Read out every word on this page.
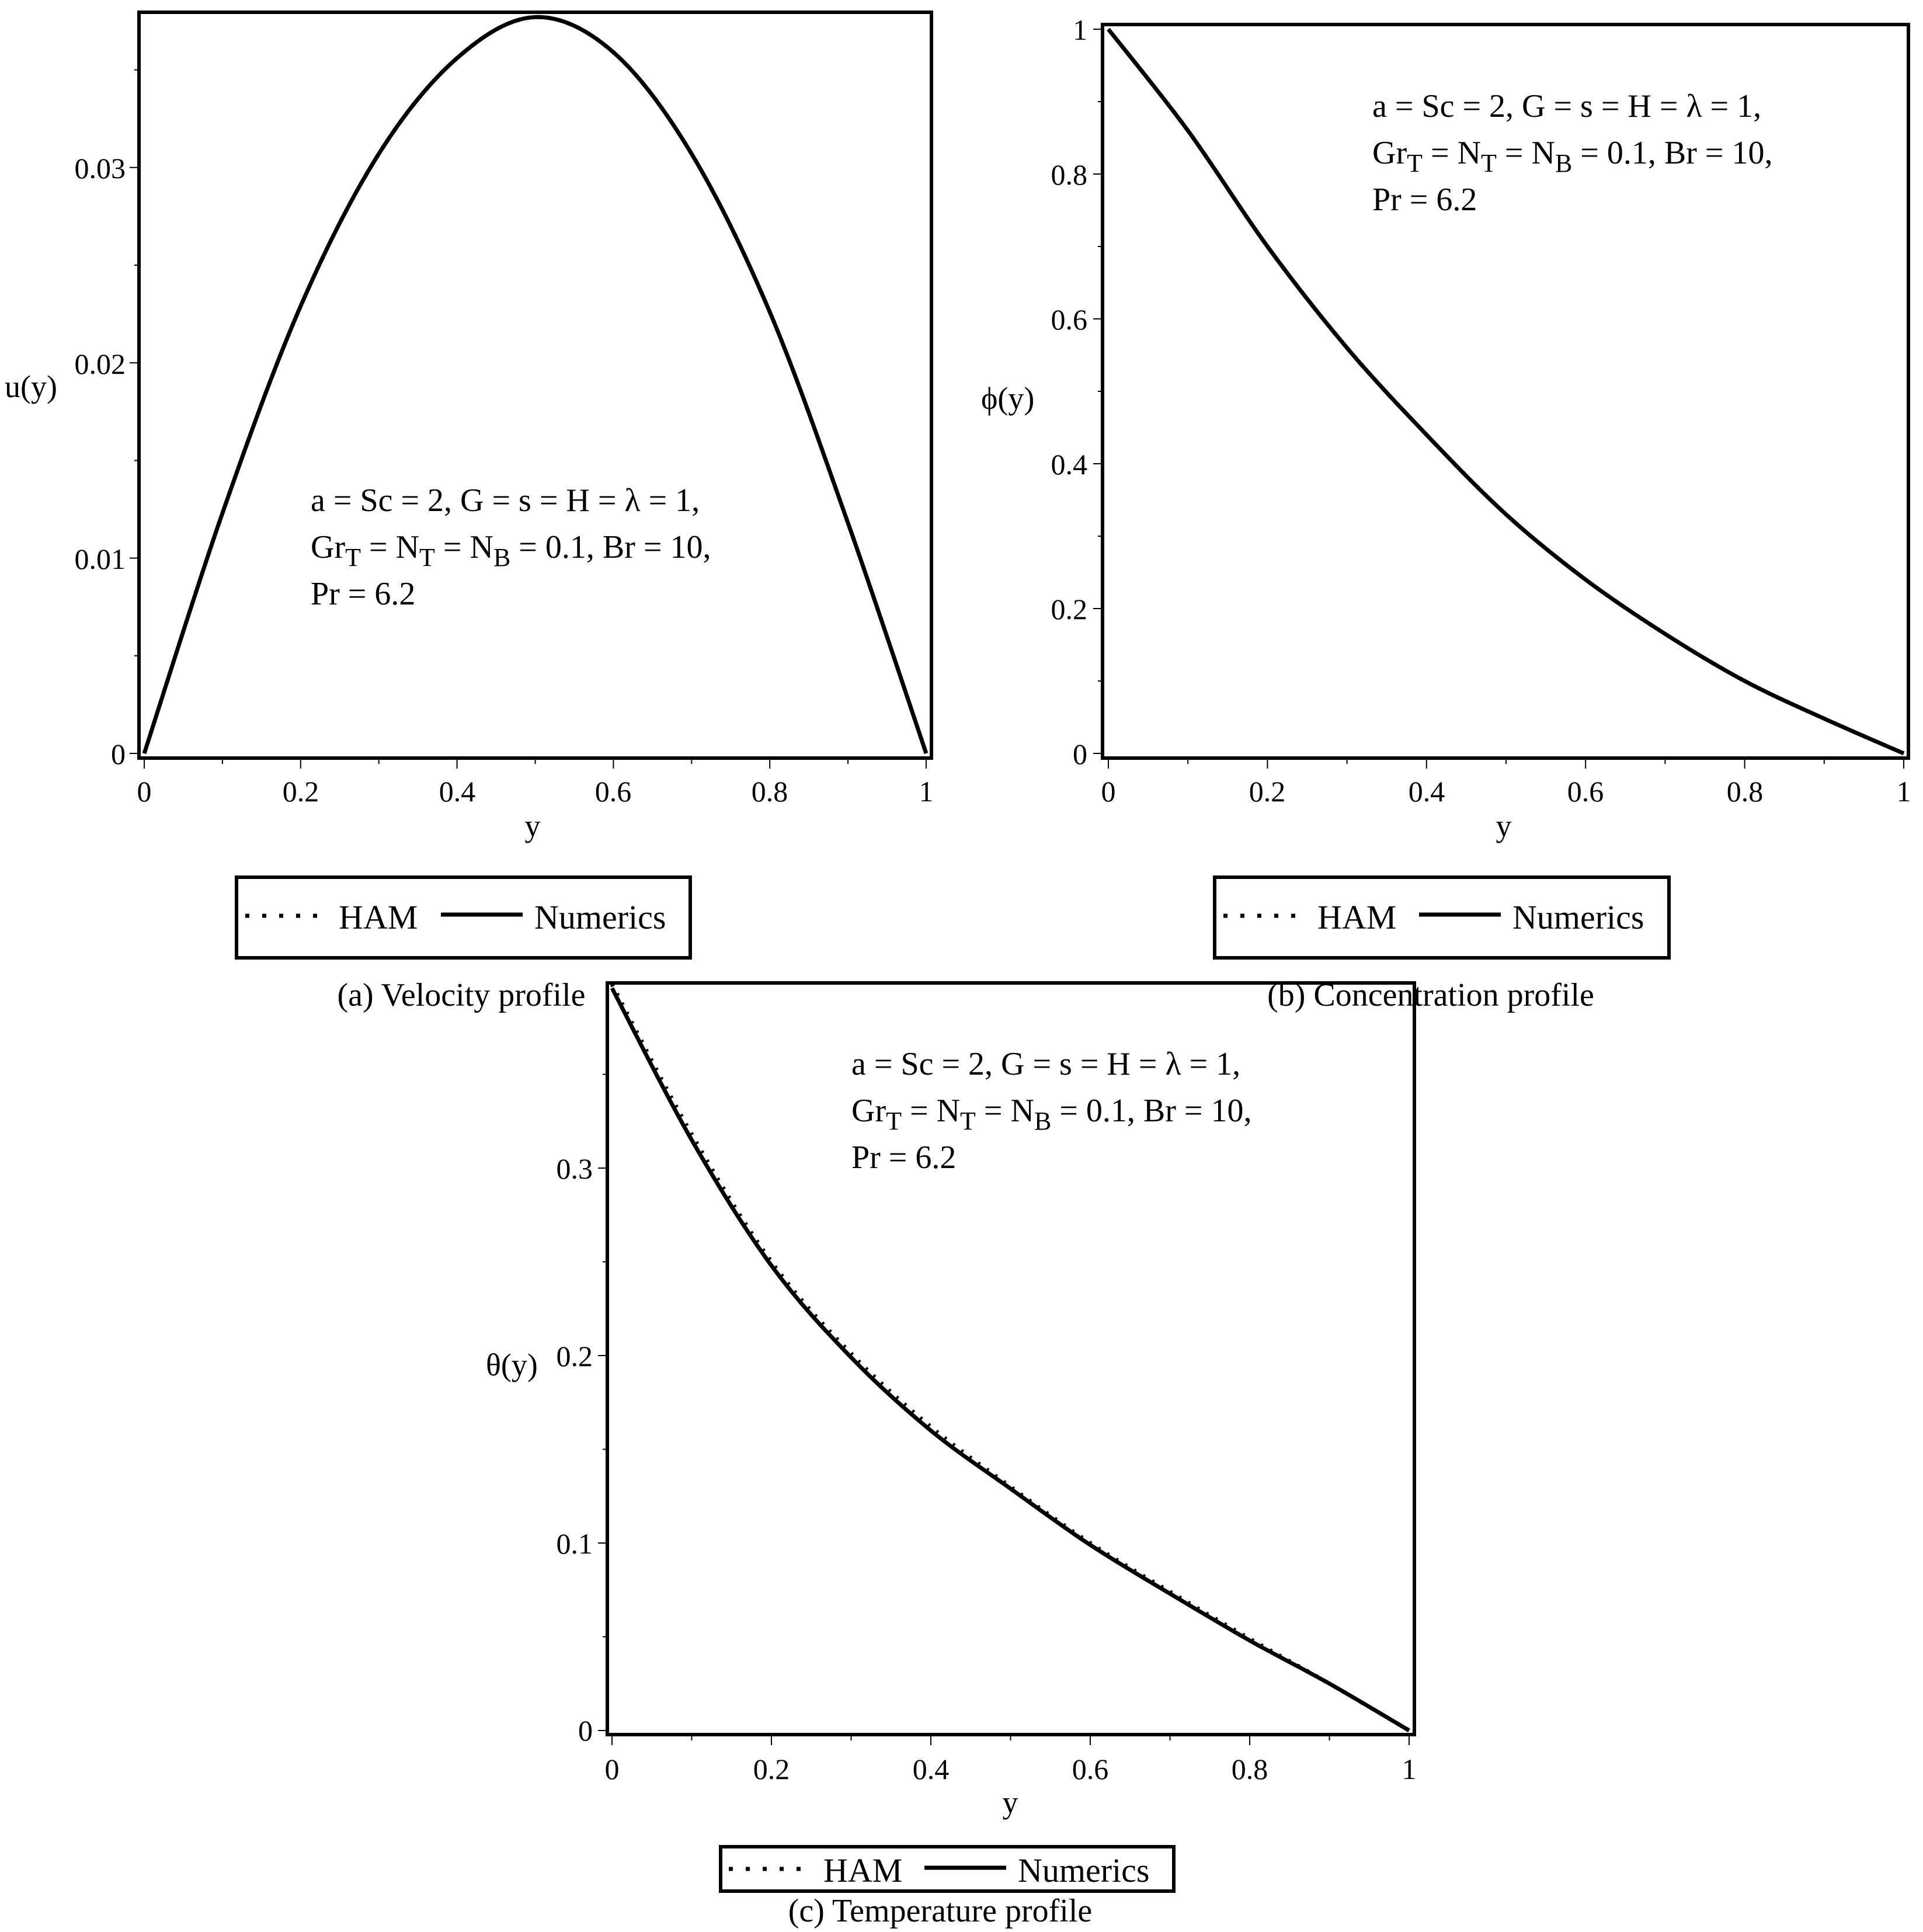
0
0.01
0.02
0.03
0	0.2	0.4	0.6	0.8	1
y
u(y)
a = Sc = 2, G = s = H = λ = 1,
$Gr_T = N_T = N_B = 0.1$, Br = 10,
Pr = 6.2
HAM	Numerics
(a) Velocity profile
0
0.2
0.4
0.6
0.8
1
0	0.2	0.4	0.6	0.8	1
y
ϕ(y)
a = Sc = 2, G = s = H = λ = 1,
$Gr_T = N_T = N_B = 0.1$, Br = 10,
Pr = 6.2
HAM	Numerics
(b) Concentration profile
0
0.1
0.2
0.3
0	0.2	0.4	0.6	0.8	1
y
θ(y)
a = Sc = 2, G = s = H = λ = 1,
$Gr_T = N_T = N_B = 0.1$, Br = 10,
Pr = 6.2
HAM	Numerics
(c) Temperature profile
